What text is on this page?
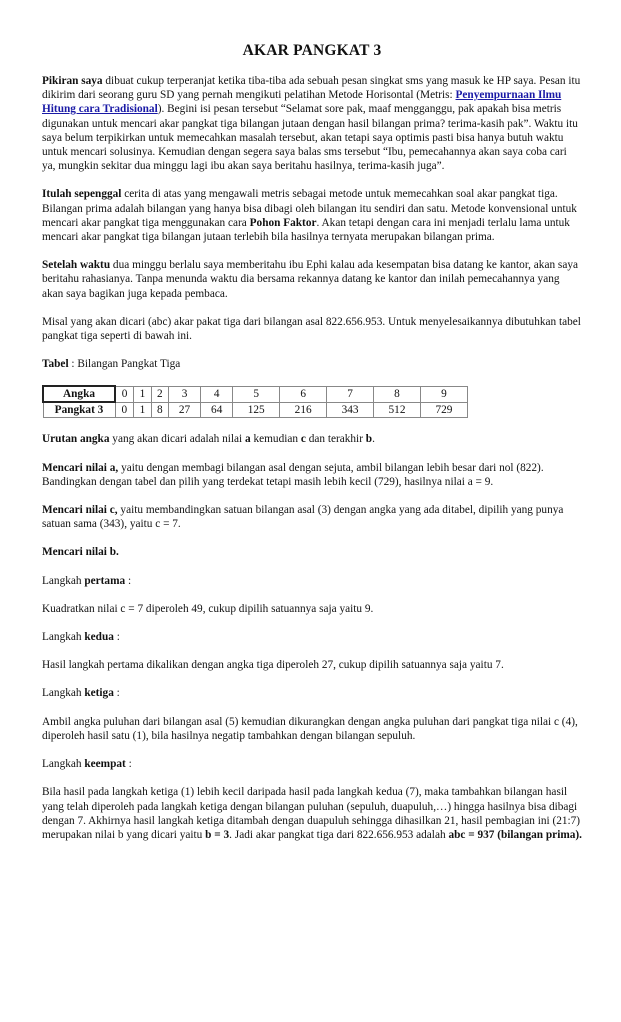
AKAR PANGKAT 3

Pikiran saya dibuat cukup terperanjat ketika tiba-tiba ada sebuah pesan singkat sms yang masuk ke HP saya. Pesan itu dikirim dari seorang guru SD yang pernah mengikuti pelatihan Metode Horisontal (Metris: Penyempurnaan Ilmu Hitung cara Tradisional). Begini isi pesan tersebut “Selamat sore pak, maaf mengganggu, pak apakah bisa metris digunakan untuk mencari akar pangkat tiga bilangan jutaan dengan hasil bilangan prima? terima-kasih pak”. Waktu itu saya belum terpikirkan untuk memecahkan masalah tersebut, akan tetapi saya optimis pasti bisa hanya butuh waktu untuk mencari solusinya. Kemudian dengan segera saya balas sms tersebut “Ibu, pemecahannya akan saya coba cari ya, mungkin sekitar dua minggu lagi ibu akan saya beritahu hasilnya, terima-kasih juga”.

Itulah sepenggal cerita di atas yang mengawali metris sebagai metode untuk memecahkan soal akar pangkat tiga. Bilangan prima adalah bilangan yang hanya bisa dibagi oleh bilangan itu sendiri dan satu. Metode konvensional untuk mencari akar pangkat tiga menggunakan cara Pohon Faktor. Akan tetapi dengan cara ini menjadi terlalu lama untuk mencari akar pangkat tiga bilangan jutaan terlebih bila hasilnya ternyata merupakan bilangan prima.

Setelah waktu dua minggu berlalu saya memberitahu ibu Ephi kalau ada kesempatan bisa datang ke kantor, akan saya beritahu rahasianya. Tanpa menunda waktu dia bersama rekannya datang ke kantor dan inilah pemecahannya yang akan saya bagikan juga kepada pembaca.

Misal yang akan dicari (abc) akar pakat tiga dari bilangan asal 822.656.953. Untuk menyelesaikannya dibutuhkan tabel pangkat tiga seperti di bawah ini.

Tabel : Bilangan Pangkat Tiga

Angka	0	1	2	3	4	5	6	7	8	9
Pangkat 3	0	1	8	27	64	125	216	343	512	729

Urutan angka yang akan dicari adalah nilai a kemudian c dan terakhir b.

Mencari nilai a, yaitu dengan membagi bilangan asal dengan sejuta, ambil bilangan lebih besar dari nol (822). Bandingkan dengan tabel dan pilih yang terdekat tetapi masih lebih kecil (729), hasilnya nilai a = 9.

Mencari nilai c, yaitu membandingkan satuan bilangan asal (3) dengan angka yang ada ditabel, dipilih yang punya satuan sama (343), yaitu c = 7.

Mencari nilai b.

Langkah pertama :

Kuadratkan nilai c = 7 diperoleh 49, cukup dipilih satuannya saja yaitu 9.

Langkah kedua :

Hasil langkah pertama dikalikan dengan angka tiga diperoleh 27, cukup dipilih satuannya saja yaitu 7.

Langkah ketiga :

Ambil angka puluhan dari bilangan asal (5) kemudian dikurangkan dengan angka puluhan dari pangkat tiga nilai c (4), diperoleh hasil satu (1), bila hasilnya negatip tambahkan dengan bilangan sepuluh.

Langkah keempat :

Bila hasil pada langkah ketiga (1) lebih kecil daripada hasil pada langkah kedua (7), maka tambahkan bilangan hasil yang telah diperoleh pada langkah ketiga dengan bilangan puluhan (sepuluh, duapuluh,…) hingga hasilnya bisa dibagi dengan 7. Akhirnya hasil langkah ketiga ditambah dengan duapuluh sehingga dihasilkan 21, hasil pembagian ini (21:7) merupakan nilai b yang dicari yaitu b = 3. Jadi akar pangkat tiga dari 822.656.953 adalah abc = 937 (bilangan prima).
